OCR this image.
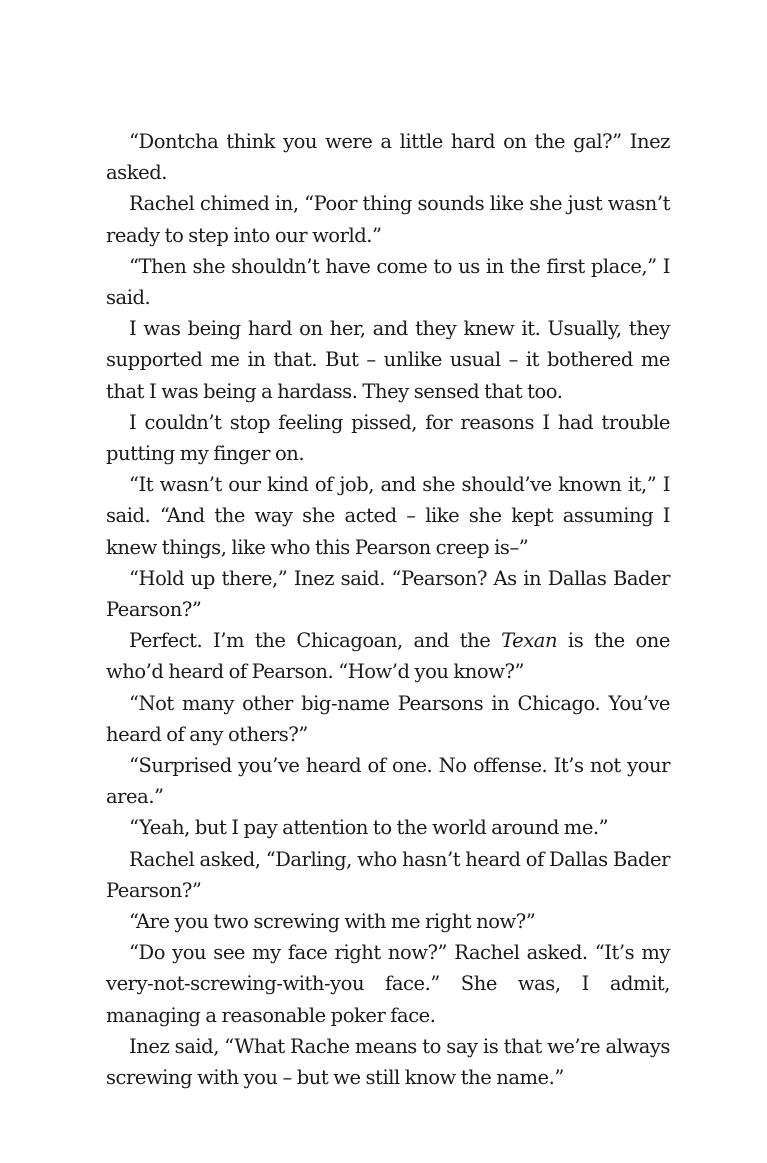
“Dontcha think you were a little hard on the gal?” Inez asked.

Rachel chimed in, “Poor thing sounds like she just wasn’t ready to step into our world.”

“Then she shouldn’t have come to us in the first place,” I said.

I was being hard on her, and they knew it. Usually, they supported me in that. But – unlike usual – it bothered me that I was being a hardass. They sensed that too.

I couldn’t stop feeling pissed, for reasons I had trouble putting my finger on.

“It wasn’t our kind of job, and she should’ve known it,” I said. “And the way she acted – like she kept assuming I knew things, like who this Pearson creep is–”

“Hold up there,” Inez said. “Pearson? As in Dallas Bader Pearson?”

Perfect. I’m the Chicagoan, and the Texan is the one who’d heard of Pearson. “How’d you know?”

“Not many other big-name Pearsons in Chicago. You’ve heard of any others?”

“Surprised you’ve heard of one. No offense. It’s not your area.”

“Yeah, but I pay attention to the world around me.”

Rachel asked, “Darling, who hasn’t heard of Dallas Bader Pearson?”

“Are you two screwing with me right now?”

“Do you see my face right now?” Rachel asked. “It’s my very-not-screwing-with-you face.” She was, I admit, managing a reasonable poker face.

Inez said, “What Rache means to say is that we’re always screwing with you – but we still know the name.”
